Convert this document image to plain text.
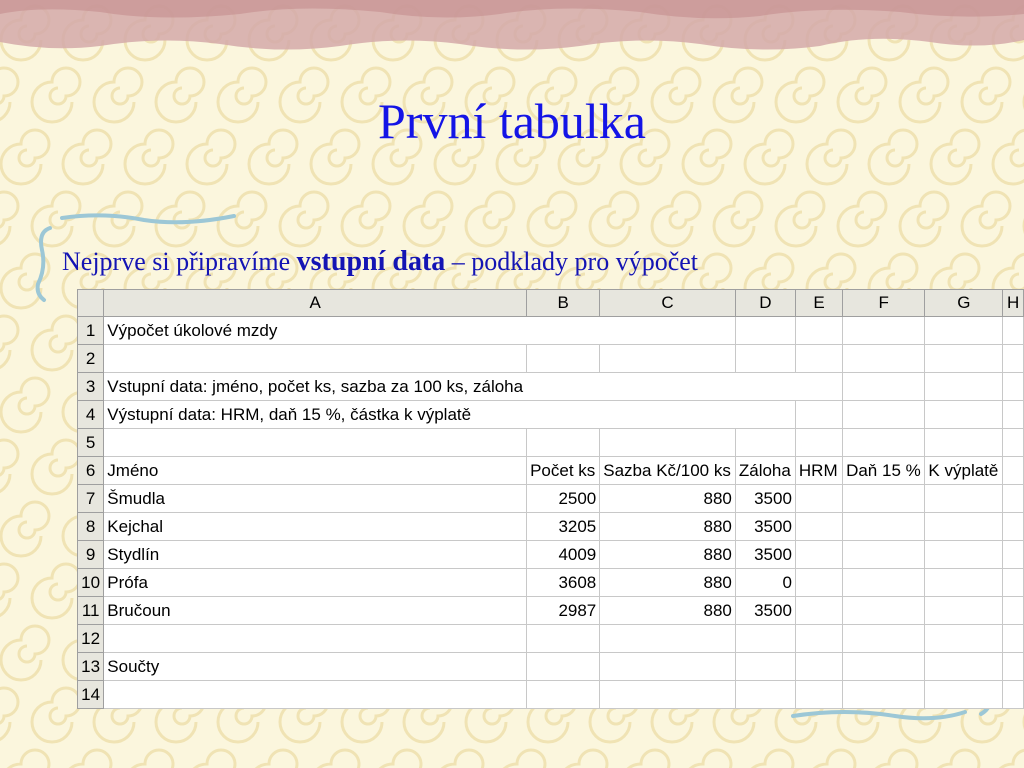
První tabulka
Nejprve si připravíme vstupní data – podklady pro výpočet
	A	B	C	D	E	F	G	H
1	Výpočet úkolové mzdy							
2								
3	Vstupní data: jméno, počet ks, sazba za 100 ks, záloha							
4	Výstupní data: HRM, daň 15 %, částka k výplatě							
5								
6	Jméno	Počet ks	Sazba Kč/100 ks	Záloha	HRM	Daň 15 %	K výplatě	
7	Šmudla	2500	880	3500				
8	Kejchal	3205	880	3500				
9	Stydlín	4009	880	3500				
10	Prófa	3608	880	0				
11	Bručoun	2987	880	3500				
12								
13	Součty							
14								
